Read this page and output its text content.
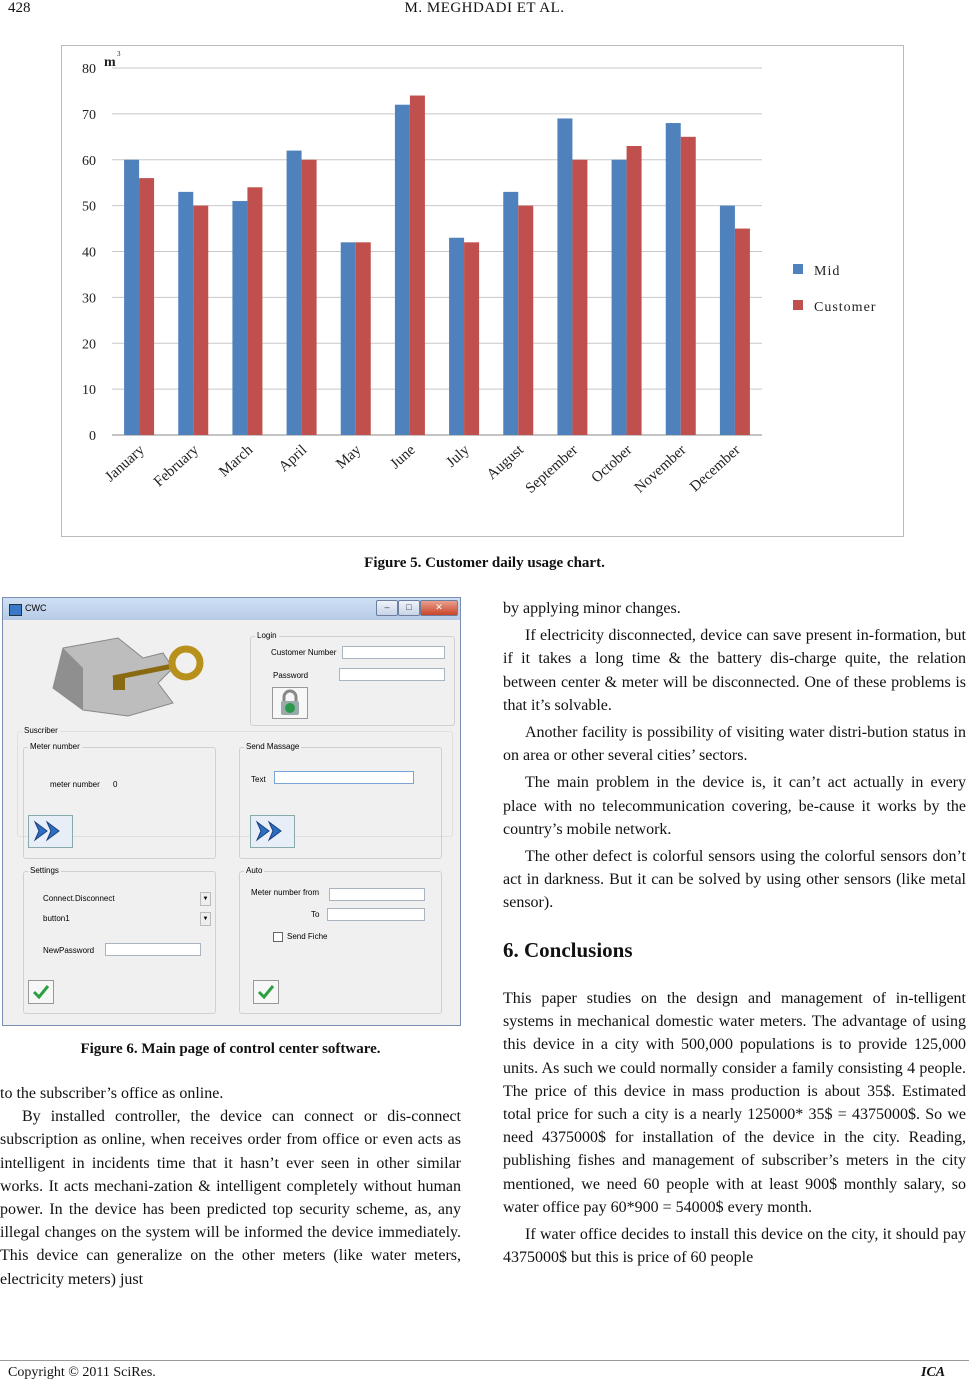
428	M. MEGHDADI ET AL.
0
10
20
30
40
50
60
70
80 m
3
January February March April May June July August
September October
November
December
Mid
Customer
Figure 5. Customer daily usage chart.
CWC	–	□	✕
Login
Customer Number
Password
Suscriber
Meter number
meter number 0
Send Massage
Text
Settings
Connect.Disconnect	▼
button1	▼
NewPassword
Auto
Meter number from
To
Send Fiche
Figure 6. Main page of control center software.

to the subscriber’s office as online.

By installed controller, the device can connect or dis-connect subscription as online, when receives order from office or even acts as intelligent in incidents time that it hasn’t ever seen in other similar works. It acts mechani-zation & intelligent completely without human power. In the device has been predicted top security scheme, as, any illegal changes on the system will be informed the device immediately. This device can generalize on the other meters (like water meters, electricity meters) just

by applying minor changes.

If electricity disconnected, device can save present in-formation, but if it takes a long time & the battery dis-charge quite, the relation between center & meter will be disconnected. One of these problems is that it’s solvable.

Another facility is possibility of visiting water distri-bution status in on area or other several cities’ sectors.

The main problem in the device is, it can’t act actually in every place with no telecommunication covering, be-cause it works by the country’s mobile network.

The other defect is colorful sensors using the colorful sensors don’t act in darkness. But it can be solved by using other sensors (like metal sensor).

6. Conclusions

This paper studies on the design and management of in-telligent systems in mechanical domestic water meters. The advantage of using this device in a city with 500,000 populations is to provide 125,000 units. As such we could normally consider a family consisting 4 people. The price of this device in mass production is about 35$. Estimated total price for such a city is a nearly 125000* 35$ = 4375000$. So we need 4375000$ for installation of the device in the city. Reading, publishing fishes and management of subscriber’s meters in the city mentioned, we need 60 people with at least 900$ monthly salary, so water office pay 60*900 = 54000$ every month.

If water office decides to install this device on the city, it should pay 4375000$ but this is price of 60 people

Copyright © 2011 SciRes.	ICA
